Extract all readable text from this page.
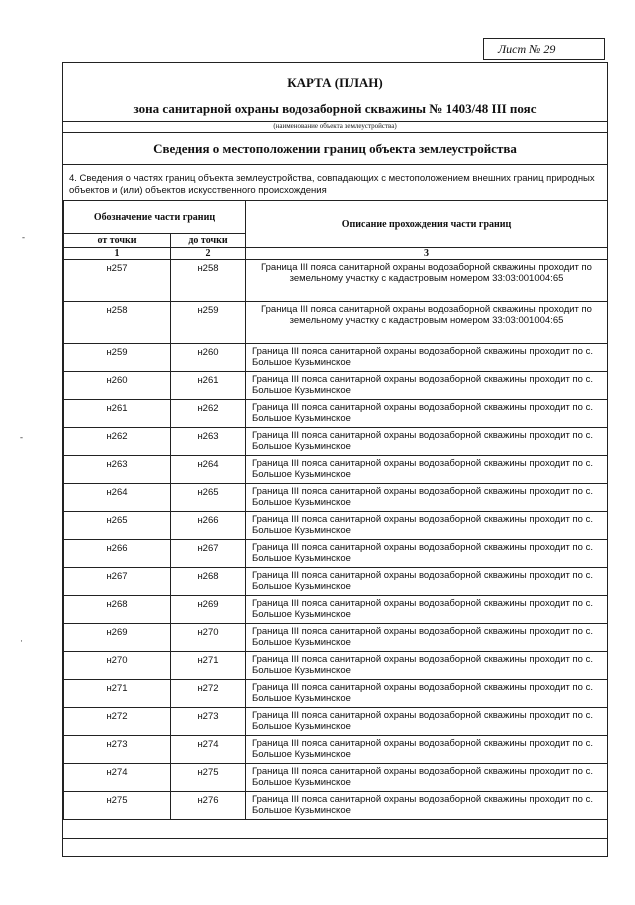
Лист № 29
‐
‐
·
КАРТА (ПЛАН)
зона санитарной охраны водозаборной скважины № 1403/48 III пояс
(наименование объекта землеустройства)
Сведения о местоположении границ объекта землеустройства
4. Сведения о частях границ объекта землеустройства, совпадающих с местоположением внешних границ природных объектов и (или) объектов искусственного происхождения
Обозначение части границ		Описание прохождения части границ
от точки	до точки	
1	2	3
н257	н258	Граница III пояса санитарной охраны водозаборной скважины проходит по земельному участку с кадастровым номером 33:03:001004:65
н258	н259	Граница III пояса санитарной охраны водозаборной скважины проходит по земельному участку с кадастровым номером 33:03:001004:65
н259	н260	Граница III пояса санитарной охраны водозаборной скважины проходит по с. Большое Кузьминское
н260	н261	Граница III пояса санитарной охраны водозаборной скважины проходит по с. Большое Кузьминское
н261	н262	Граница III пояса санитарной охраны водозаборной скважины проходит по с. Большое Кузьминское
н262	н263	Граница III пояса санитарной охраны водозаборной скважины проходит по с. Большое Кузьминское
н263	н264	Граница III пояса санитарной охраны водозаборной скважины проходит по с. Большое Кузьминское
н264	н265	Граница III пояса санитарной охраны водозаборной скважины проходит по с. Большое Кузьминское
н265	н266	Граница III пояса санитарной охраны водозаборной скважины проходит по с. Большое Кузьминское
н266	н267	Граница III пояса санитарной охраны водозаборной скважины проходит по с. Большое Кузьминское
н267	н268	Граница III пояса санитарной охраны водозаборной скважины проходит по с. Большое Кузьминское
н268	н269	Граница III пояса санитарной охраны водозаборной скважины проходит по с. Большое Кузьминское
н269	н270	Граница III пояса санитарной охраны водозаборной скважины проходит по с. Большое Кузьминское
н270	н271	Граница III пояса санитарной охраны водозаборной скважины проходит по с. Большое Кузьминское
н271	н272	Граница III пояса санитарной охраны водозаборной скважины проходит по с. Большое Кузьминское
н272	н273	Граница III пояса санитарной охраны водозаборной скважины проходит по с. Большое Кузьминское
н273	н274	Граница III пояса санитарной охраны водозаборной скважины проходит по с. Большое Кузьминское
н274	н275	Граница III пояса санитарной охраны водозаборной скважины проходит по с. Большое Кузьминское
н275	н276	Граница III пояса санитарной охраны водозаборной скважины проходит по с. Большое Кузьминское
